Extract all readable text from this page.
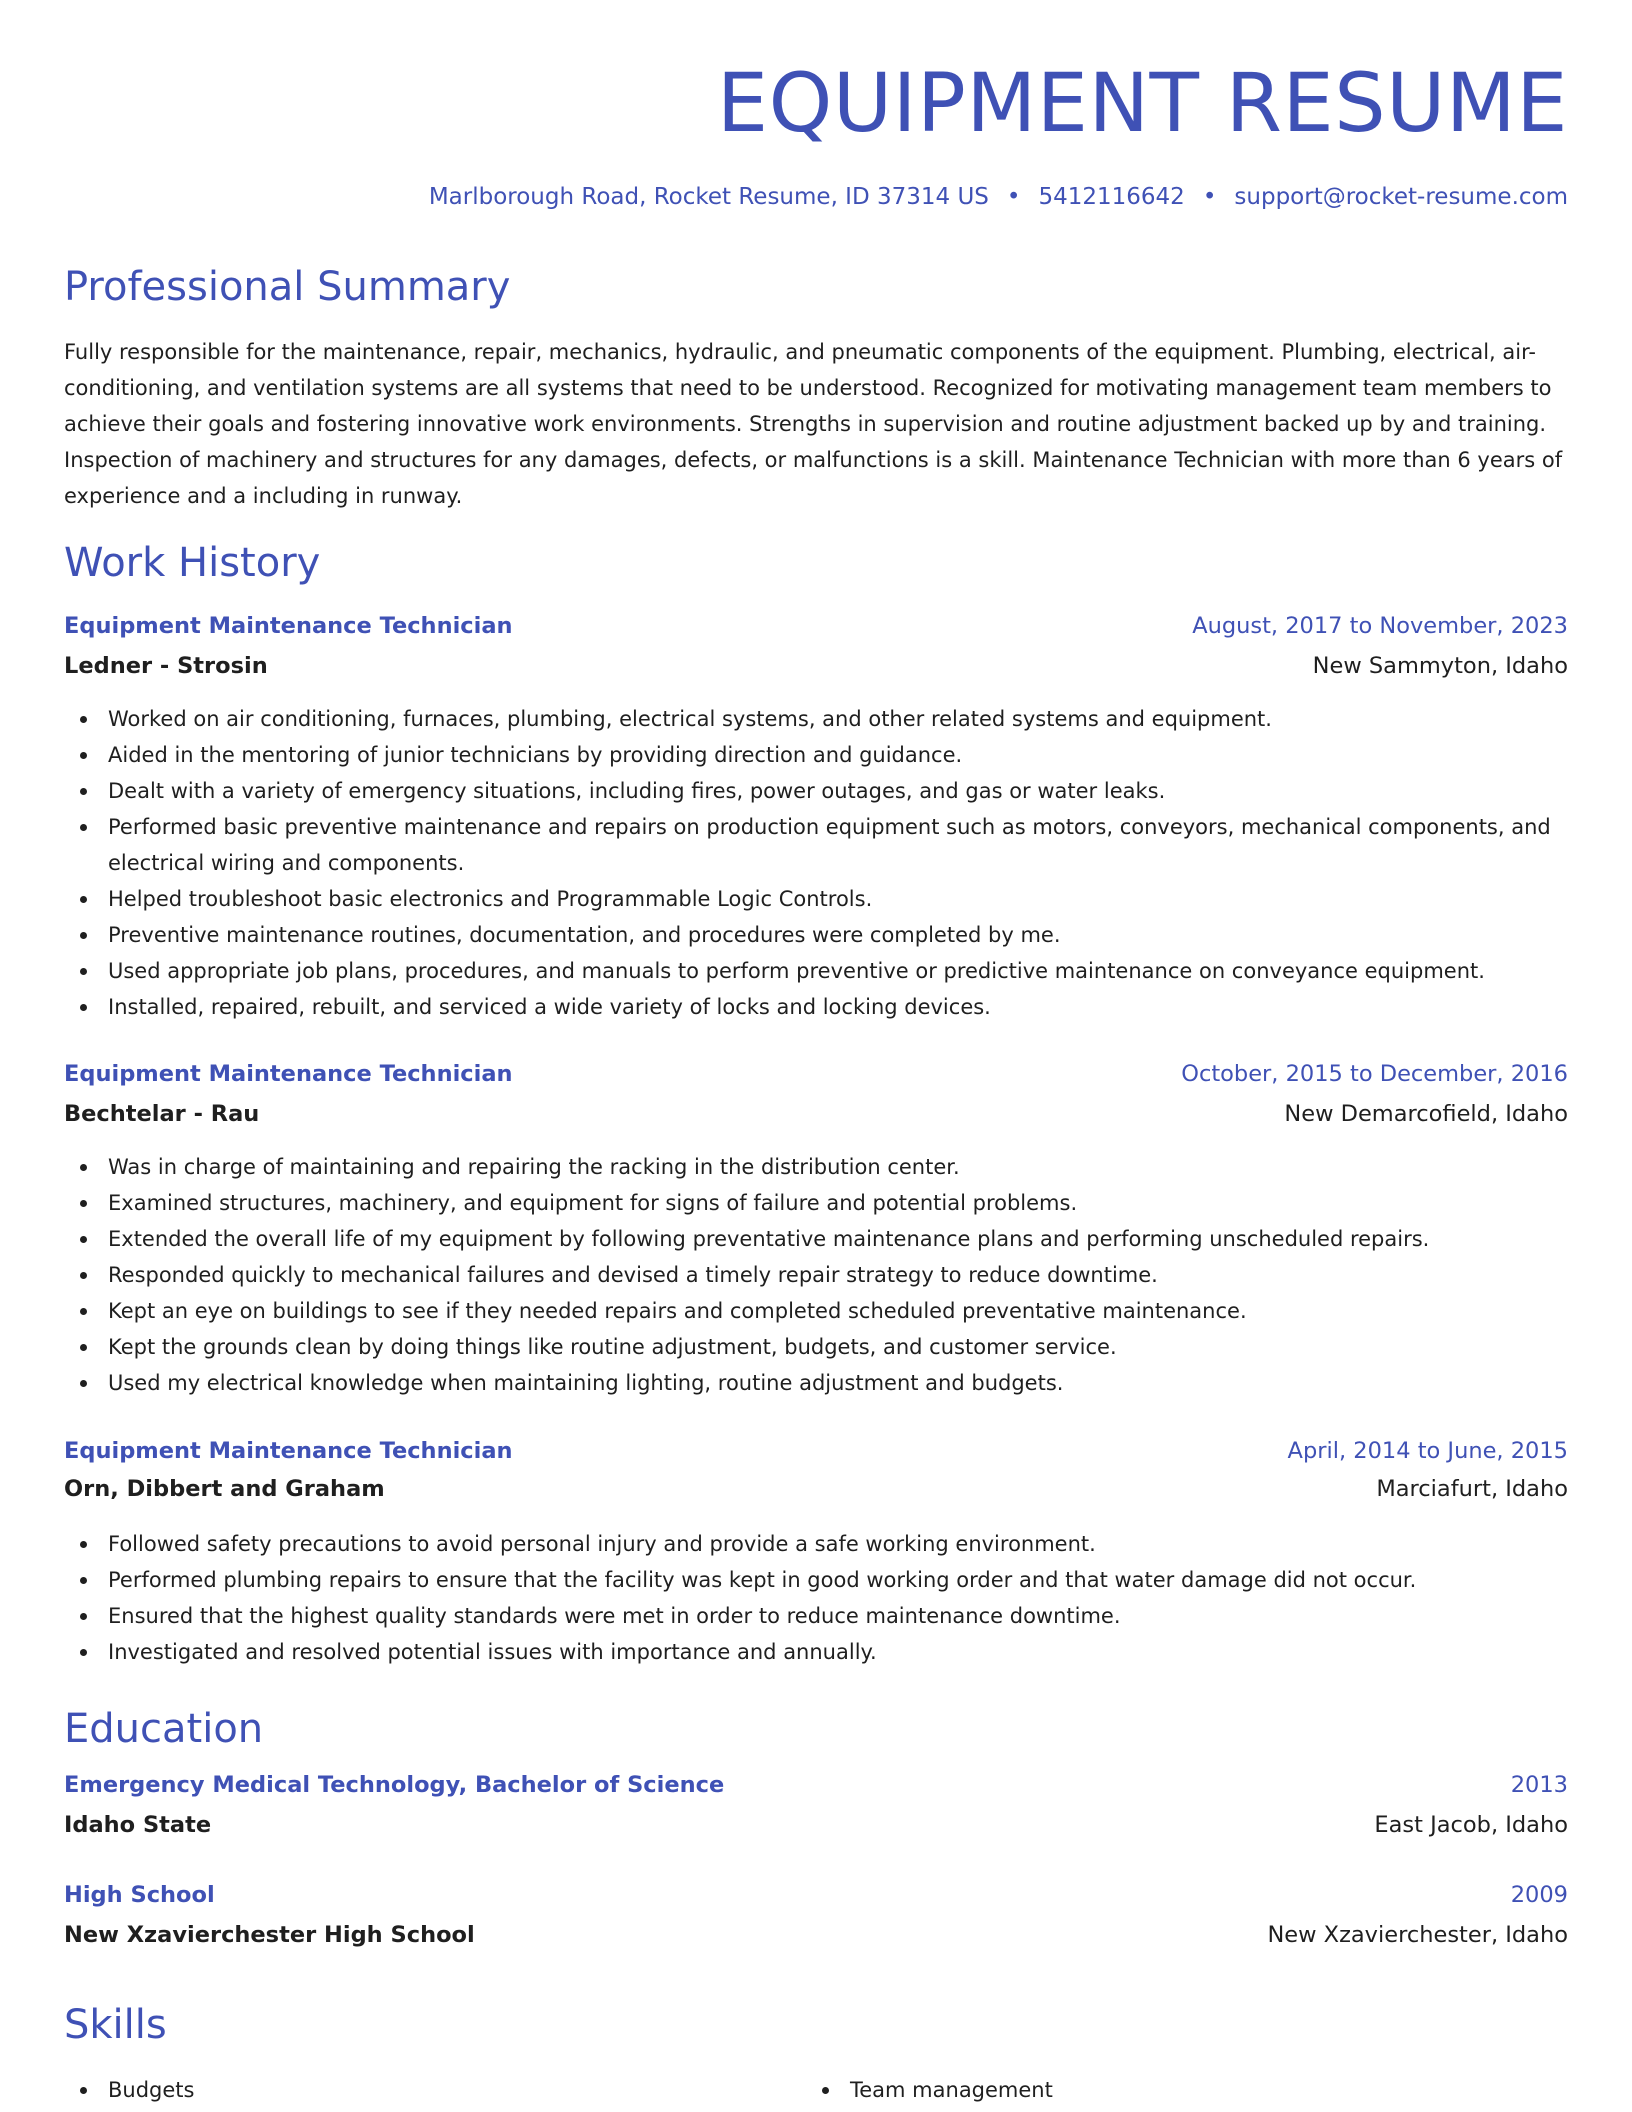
EQUIPMENT RESUME
Marlborough Road, Rocket Resume, ID 37314 US • 5412116642 • support@rocket-resume.com
Professional Summary

Fully responsible for the maintenance, repair, mechanics, hydraulic, and pneumatic components of the equipment. Plumbing, electrical, air-conditioning, and ventilation systems are all systems that need to be understood. Recognized for motivating management team members to achieve their goals and fostering innovative work environments. Strengths in supervision and routine adjustment backed up by and training. Inspection of machinery and structures for any damages, defects, or malfunctions is a skill. Maintenance Technician with more than 6 years of experience and a including in runway.

Work History
Equipment Maintenance Technician	August, 2017 to November, 2023
Ledner - Strosin	New Sammyton, Idaho
Worked on air conditioning, furnaces, plumbing, electrical systems, and other related systems and equipment.
Aided in the mentoring of junior technicians by providing direction and guidance.
Dealt with a variety of emergency situations, including fires, power outages, and gas or water leaks.
Performed basic preventive maintenance and repairs on production equipment such as motors, conveyors, mechanical components, and electrical wiring and components.
Helped troubleshoot basic electronics and Programmable Logic Controls.
Preventive maintenance routines, documentation, and procedures were completed by me.
Used appropriate job plans, procedures, and manuals to perform preventive or predictive maintenance on conveyance equipment.
Installed, repaired, rebuilt, and serviced a wide variety of locks and locking devices.
Equipment Maintenance Technician	October, 2015 to December, 2016
Bechtelar - Rau	New Demarcofield, Idaho
Was in charge of maintaining and repairing the racking in the distribution center.
Examined structures, machinery, and equipment for signs of failure and potential problems.
Extended the overall life of my equipment by following preventative maintenance plans and performing unscheduled repairs.
Responded quickly to mechanical failures and devised a timely repair strategy to reduce downtime.
Kept an eye on buildings to see if they needed repairs and completed scheduled preventative maintenance.
Kept the grounds clean by doing things like routine adjustment, budgets, and customer service.
Used my electrical knowledge when maintaining lighting, routine adjustment and budgets.
Equipment Maintenance Technician	April, 2014 to June, 2015
Orn, Dibbert and Graham	Marciafurt, Idaho
Followed safety precautions to avoid personal injury and provide a safe working environment.
Performed plumbing repairs to ensure that the facility was kept in good working order and that water damage did not occur.
Ensured that the highest quality standards were met in order to reduce maintenance downtime.
Investigated and resolved potential issues with importance and annually.
Education
Emergency Medical Technology, Bachelor of Science	2013
Idaho State	East Jacob, Idaho
High School	2009
New Xzavierchester High School	New Xzavierchester, Idaho
Skills
Budgets	Team management
